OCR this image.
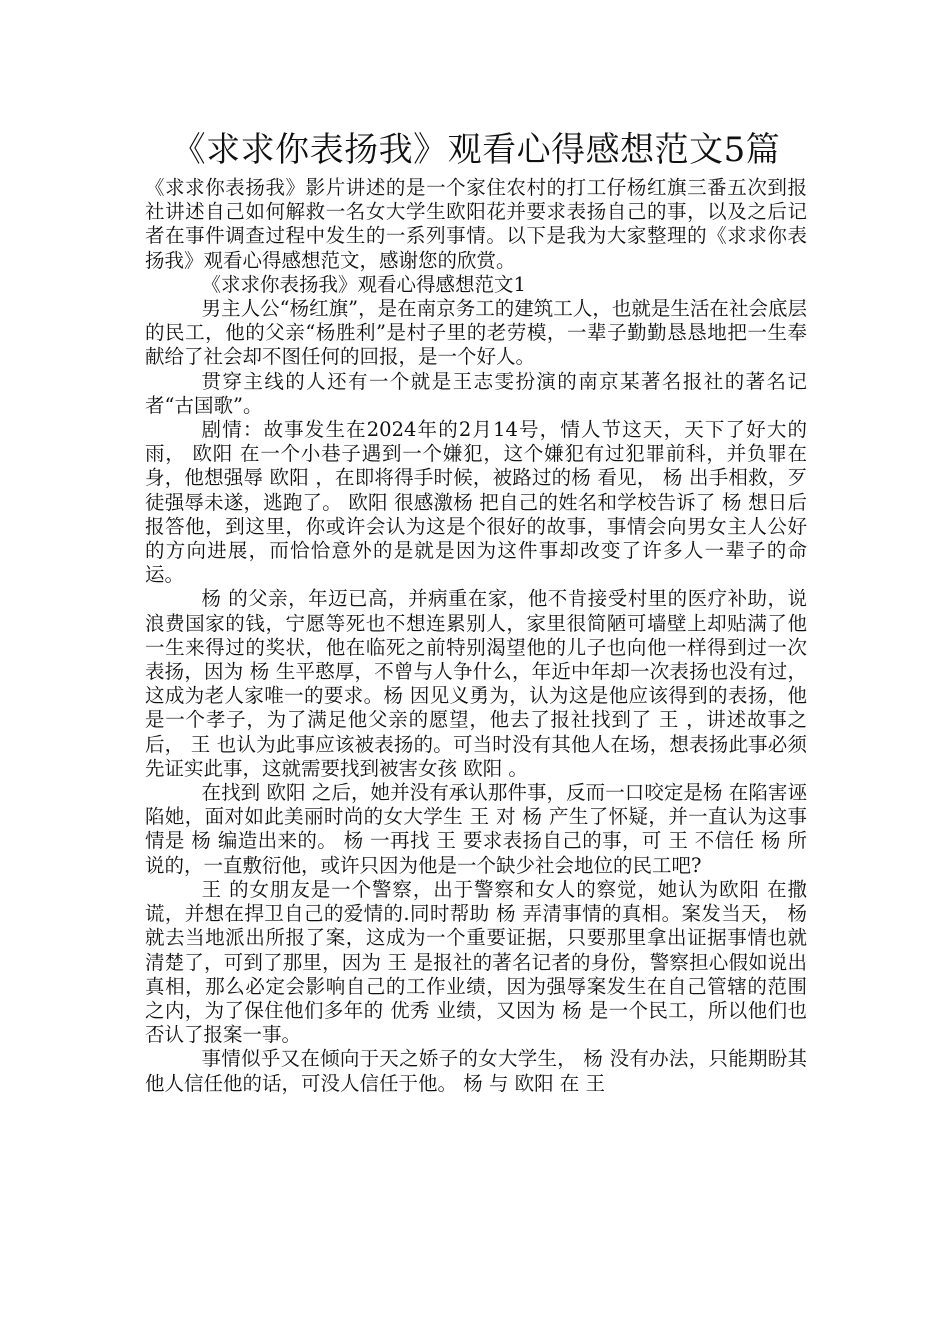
《求求你表扬我》观看心得感想范文5篇

《求求你表扬我》影片讲述的是一个家住农村的打工仔杨红旗三番五次到报社讲述自己如何解救一名女大学生欧阳花并要求表扬自己的事，以及之后记者在事件调查过程中发生的一系列事情。以下是我为大家整理的《求求你表扬我》观看心得感想范文，感谢您的欣赏。

《求求你表扬我》观看心得感想范文1

男主人公“杨红旗”，是在南京务工的建筑工人，也就是生活在社会底层的民工，他的父亲“杨胜利”是村子里的老劳模，一辈子勤勤恳恳地把一生奉献给了社会却不图任何的回报，是一个好人。

贯穿主线的人还有一个就是王志雯扮演的南京某著名报社的著名记者“古国歌”。

剧情：故事发生在2024年的2月14号，情人节这天，天下了好大的雨， 欧阳 在一个小巷子遇到一个嫌犯，这个嫌犯有过犯罪前科，并负罪在身，他想强辱 欧阳 ，在即将得手时候，被路过的杨 看见， 杨 出手相救，歹徒强辱未遂，逃跑了。 欧阳 很感激杨 把自己的姓名和学校告诉了 杨 想日后报答他，到这里，你或许会认为这是个很好的故事，事情会向男女主人公好的方向进展，而恰恰意外的是就是因为这件事却改变了许多人一辈子的命运。

杨 的父亲，年迈已高，并病重在家，他不肯接受村里的医疗补助，说浪费国家的钱，宁愿等死也不想连累别人，家里很简陋可墙壁上却贴满了他一生来得过的奖状，他在临死之前特别渴望他的儿子也向他一样得到过一次表扬，因为 杨 生平憨厚，不曾与人争什么，年近中年却一次表扬也没有过，这成为老人家唯一的要求。杨 因见义勇为，认为这是他应该得到的表扬，他是一个孝子，为了满足他父亲的愿望，他去了报社找到了 王 ，讲述故事之后， 王 也认为此事应该被表扬的。可当时没有其他人在场，想表扬此事必须先证实此事，这就需要找到被害女孩 欧阳 。

在找到 欧阳 之后，她并没有承认那件事，反而一口咬定是杨 在陷害诬陷她，面对如此美丽时尚的女大学生 王 对 杨 产生了怀疑，并一直认为这事情是 杨 编造出来的。 杨 一再找 王 要求表扬自己的事，可 王 不信任 杨 所说的，一直敷衍他，或许只因为他是一个缺少社会地位的民工吧?

王 的女朋友是一个警察，出于警察和女人的察觉，她认为欧阳 在撒谎，并想在捍卫自己的爱情的.同时帮助 杨 弄清事情的真相。案发当天， 杨 就去当地派出所报了案，这成为一个重要证据，只要那里拿出证据事情也就清楚了，可到了那里，因为 王 是报社的著名记者的身份，警察担心假如说出真相，那么必定会影响自己的工作业绩，因为强辱案发生在自己管辖的范围之内，为了保住他们多年的 优秀 业绩，又因为 杨 是一个民工，所以他们也否认了报案一事。

事情似乎又在倾向于天之娇子的女大学生， 杨 没有办法，只能期盼其他人信任他的话，可没人信任于他。 杨 与 欧阳 在 王
